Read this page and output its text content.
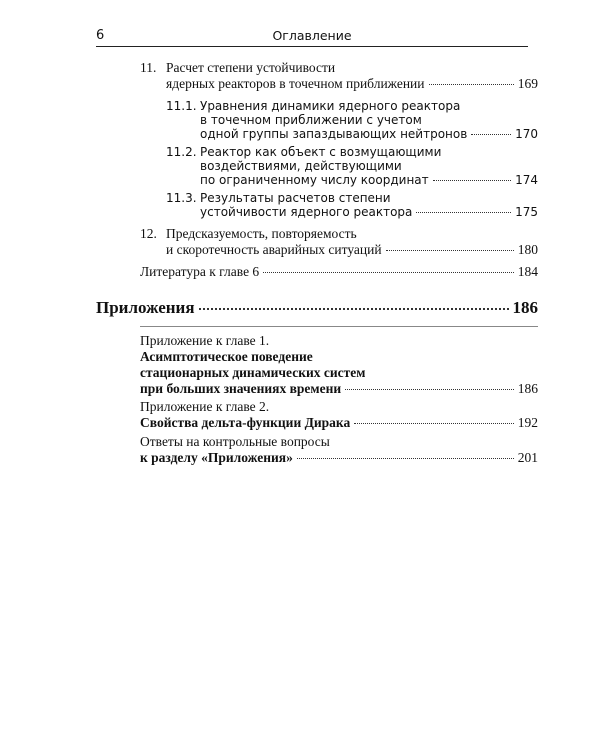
6	Оглавление
11. Расчет степени устойчивости
ядерных реакторов в точечном приближении	169
11.1. Уравнения динамики ядерного реактора
в точечном приближении с учетом
одной группы запаздывающих нейтронов	170
11.2. Реактор как объект с возмущающими
воздействиями, действующими
по ограниченному числу координат	174
11.3. Результаты расчетов степени
устойчивости ядерного реактора	175
12. Предсказуемость, повторяемость
и скоротечность аварийных ситуаций	180
Литература к главе 6	184
Приложения	186
Приложение к главе 1.
Асимптотическое поведение
стационарных динамических систем
при больших значениях времени	186
Приложение к главе 2.
Свойства дельта-функции Дирака	192
Ответы на контрольные вопросы
к разделу «Приложения»	201
